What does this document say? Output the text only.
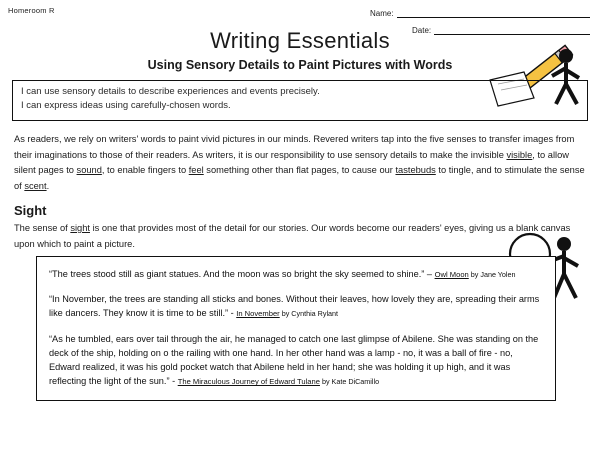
Homeroom R	Name:
Date:
Writing Essentials
Using Sensory Details to Paint Pictures with Words
I can use sensory details to describe experiences and events precisely.
I can express ideas using carefully-chosen words.
As readers, we rely on writers' words to paint vivid pictures in our minds. Revered writers tap into the five senses to transfer images from their imaginations to those of their readers. As writers, it is our responsibility to use sensory details to make the invisible visible, to allow silent pages to sound, to enable fingers to feel something other than flat pages, to cause our tastebuds to tingle, and to stimulate the sense of scent.
Sight
The sense of sight is one that provides most of the detail for our stories. Our words become our readers' eyes, giving us a blank canvas upon which to paint a picture.
“The trees stood still as giant statues. And the moon was so bright the sky seemed to shine.” – Owl Moon by Jane Yolen
“In November, the trees are standing all sticks and bones. Without their leaves, how lovely they are, spreading their arms like dancers. They know it is time to be still.” - In November by Cynthia Rylant
“As he tumbled, ears over tail through the air, he managed to catch one last glimpse of Abilene. She was standing on the deck of the ship, holding on o the railing with one hand. In her other hand was a lamp - no, it was a ball of fire - no, Edward realized, it was his gold pocket watch that Abilene held in her hand; she was holding it up high, and it was reflecting the light of the sun.” - The Miraculous Journey of Edward Tulane by Kate DiCamillo
